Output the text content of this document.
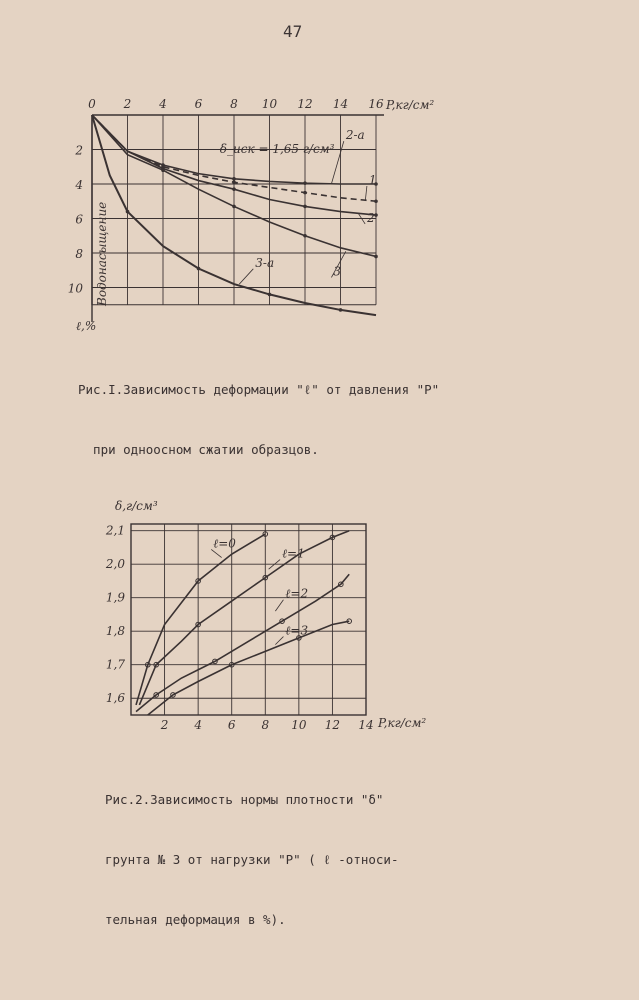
47
0 2 4 6 8 10 12 14 16
2
4
6
8
10
P,кг/см²
ℓ,%
Водонасыщение
δ_иск = 1,65 г/см³
2-а
1
2
3
3-а
2 4 6 8 10 12 14
1,6
1,7
1,8
1,9
2,0
2,1
P,кг/см²
δ,г/см³
ℓ=0
ℓ=1
ℓ=2
ℓ=3

Рис.I.Зависимость деформации "ℓ" от давления "P"

при одноосном сжатии образцов.

Рис.2.Зависимость нормы плотности "δ"

грунта № 3 от нагрузки "P" ( ℓ -относи-

тельная деформация в %).
